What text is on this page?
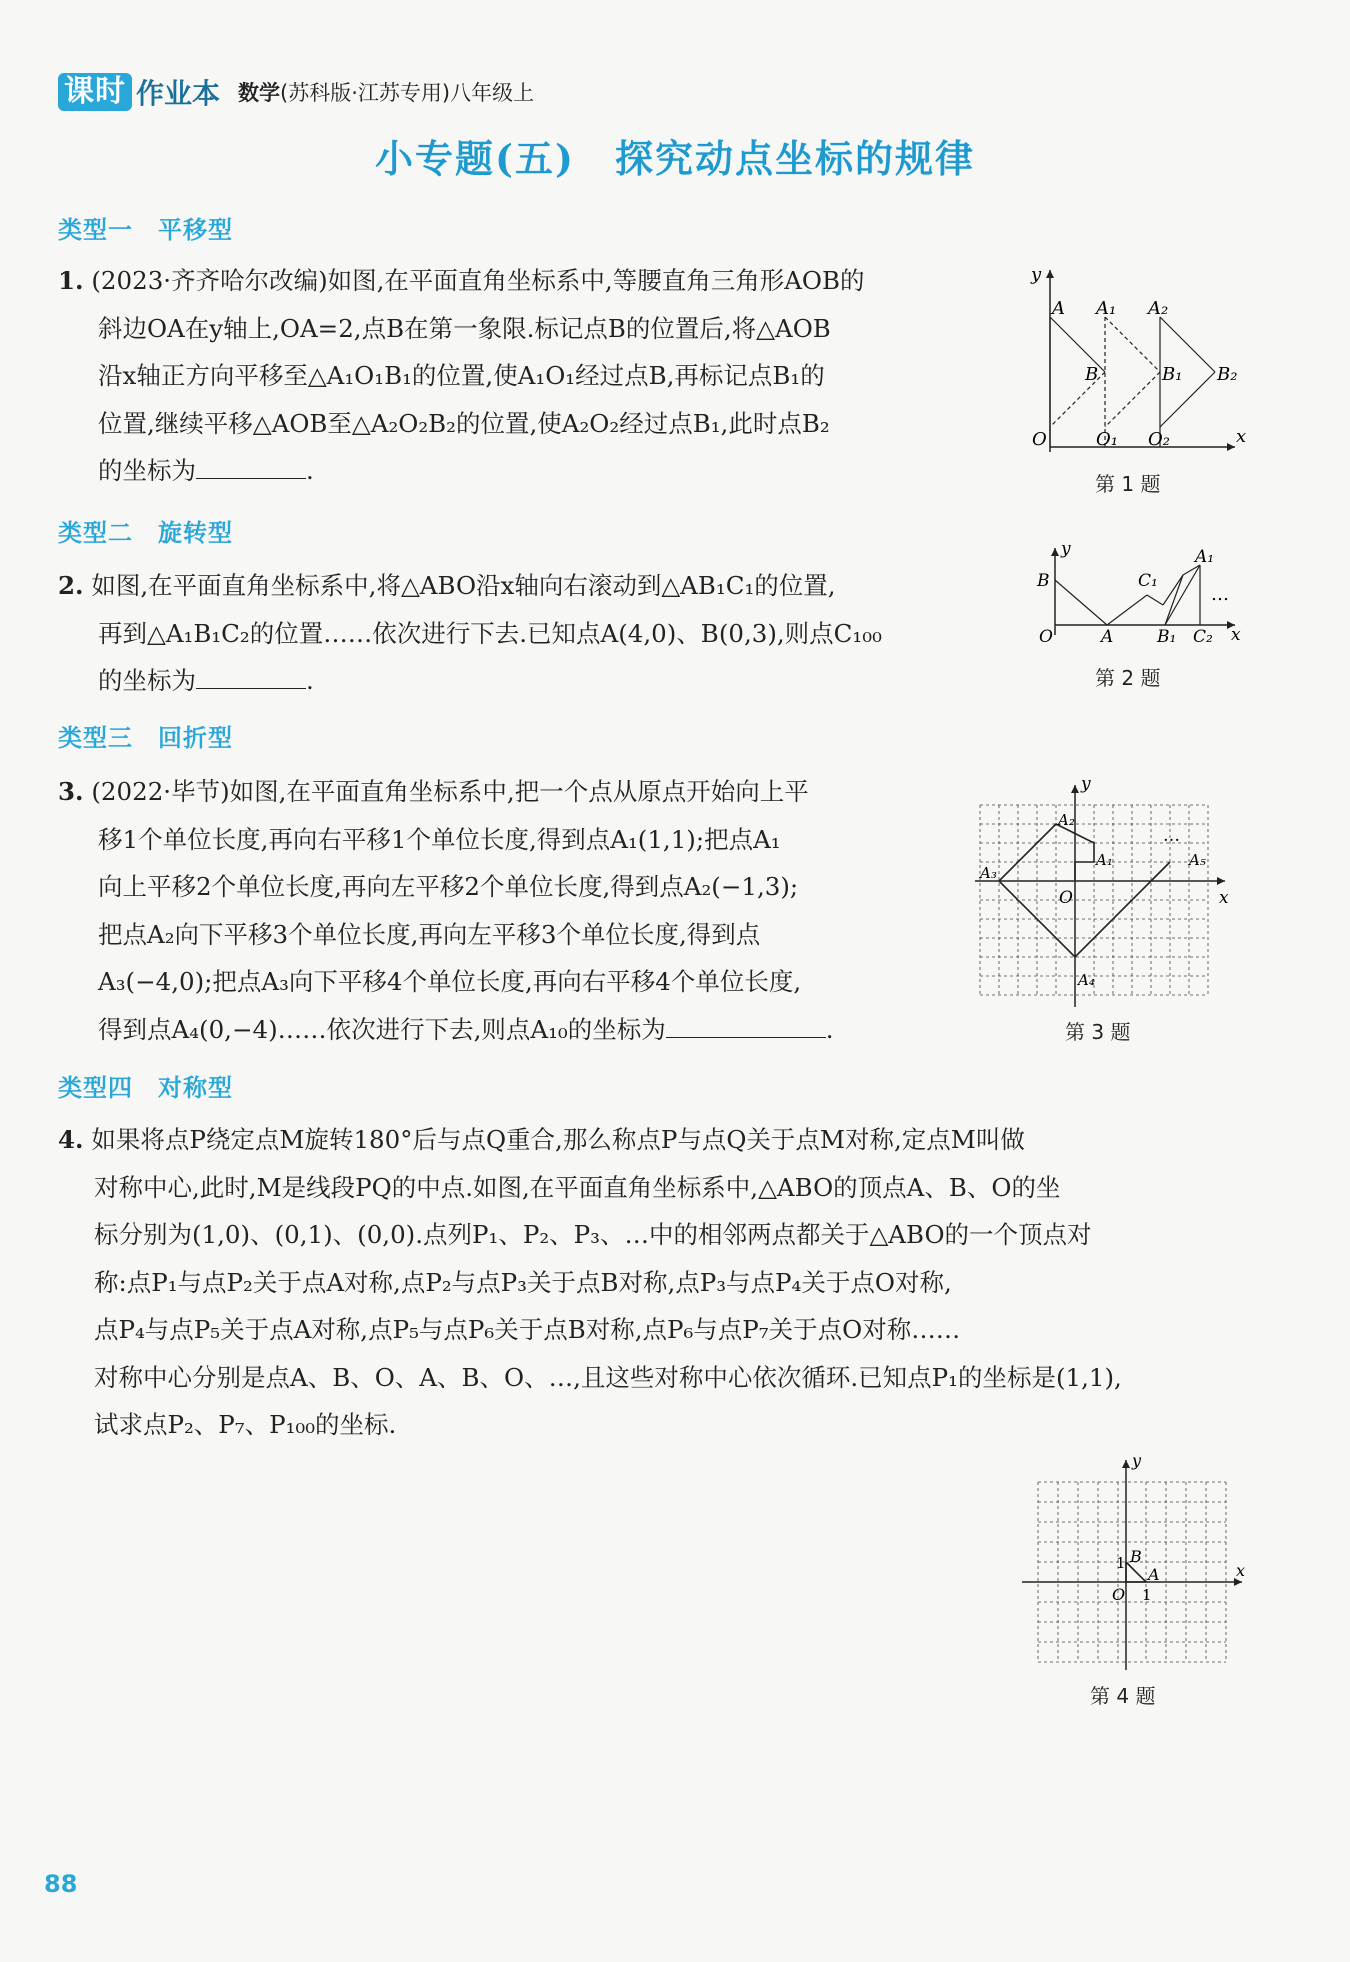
课时 作业本 数学(苏科版·江苏专用)八年级上
小专题(五)　探究动点坐标的规律
类型一　平移型
1. (2023·齐齐哈尔改编)如图,在平面直角坐标系中,等腰直角三角形AOB的
斜边OA在y轴上,OA=2,点B在第一象限.标记点B的位置后,将△AOB
沿x轴正方向平移至△A₁O₁B₁的位置,使A₁O₁经过点B,再标记点B₁的
位置,继续平移△AOB至△A₂O₂B₂的位置,使A₂O₂经过点B₁,此时点B₂
的坐标为	.
y
x
O	O₁ O₂
A A₁ A₂
B	B₁ B₂
第 1 题
类型二　旋转型
2. 如图,在平面直角坐标系中,将△ABO沿x轴向右滚动到△AB₁C₁的位置,
再到△A₁B₁C₂的位置……依次进行下去.已知点A(4,0)、B(0,3),则点C₁₀₀
的坐标为	.
y
x
O	A
B
B₁
C₁
C₂
A₁
…
第 2 题
类型三　回折型
3. (2022·毕节)如图,在平面直角坐标系中,把一个点从原点开始向上平
移1个单位长度,再向右平移1个单位长度,得到点A₁(1,1);把点A₁
向上平移2个单位长度,再向左平移2个单位长度,得到点A₂(−1,3);
把点A₂向下平移3个单位长度,再向左平移3个单位长度,得到点
A₃(−4,0);把点A₃向下平移4个单位长度,再向右平移4个单位长度,
得到点A₄(0,−4)……依次进行下去,则点A₁₀的坐标为	.
y
x
O
A₁
A₂
A₃
A₄
A₅
…
第 3 题
类型四　对称型
4. 如果将点P绕定点M旋转180°后与点Q重合,那么称点P与点Q关于点M对称,定点M叫做
对称中心,此时,M是线段PQ的中点.如图,在平面直角坐标系中,△ABO的顶点A、B、O的坐
标分别为(1,0)、(0,1)、(0,0).点列P₁、P₂、P₃、…中的相邻两点都关于△ABO的一个顶点对
称:点P₁与点P₂关于点A对称,点P₂与点P₃关于点B对称,点P₃与点P₄关于点O对称,
点P₄与点P₅关于点A对称,点P₅与点P₆关于点B对称,点P₆与点P₇关于点O对称……
对称中心分别是点A、B、O、A、B、O、…,且这些对称中心依次循环.已知点P₁的坐标是(1,1),
试求点P₂、P₇、P₁₀₀的坐标.
y
x
O
B
A
1
1
第 4 题
88
